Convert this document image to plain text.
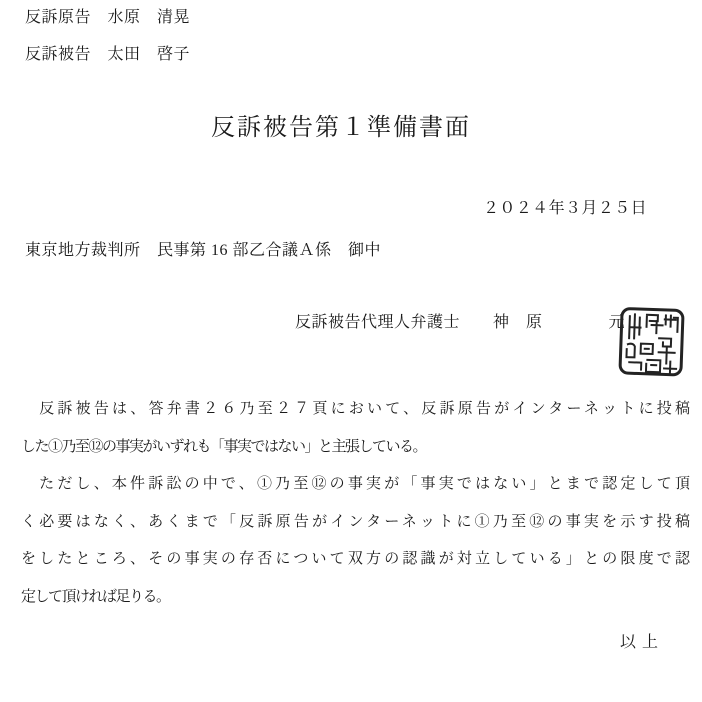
反訴原告　水原　清晃
反訴被告　太田　啓子
反訴被告第１準備書面
２０２４年３月２５日
東京地方裁判所　民事第 16 部乙合議Ａ係　御中
反訴被告代理人弁護士　　神　原　　　　元
　反訴被告は、答弁書２６乃至２７頁において、反訴原告がインターネットに投稿
した①乃至⑫の事実がいずれも「事実ではない」と主張している。
　ただし、本件訴訟の中で、①乃至⑫の事実が「事実ではない」とまで認定して頂
く必要はなく、あくまで「反訴原告がインターネットに①乃至⑫の事実を示す投稿
をしたところ、その事実の存否について双方の認識が対立している」との限度で認
定して頂ければ足りる。
以上
